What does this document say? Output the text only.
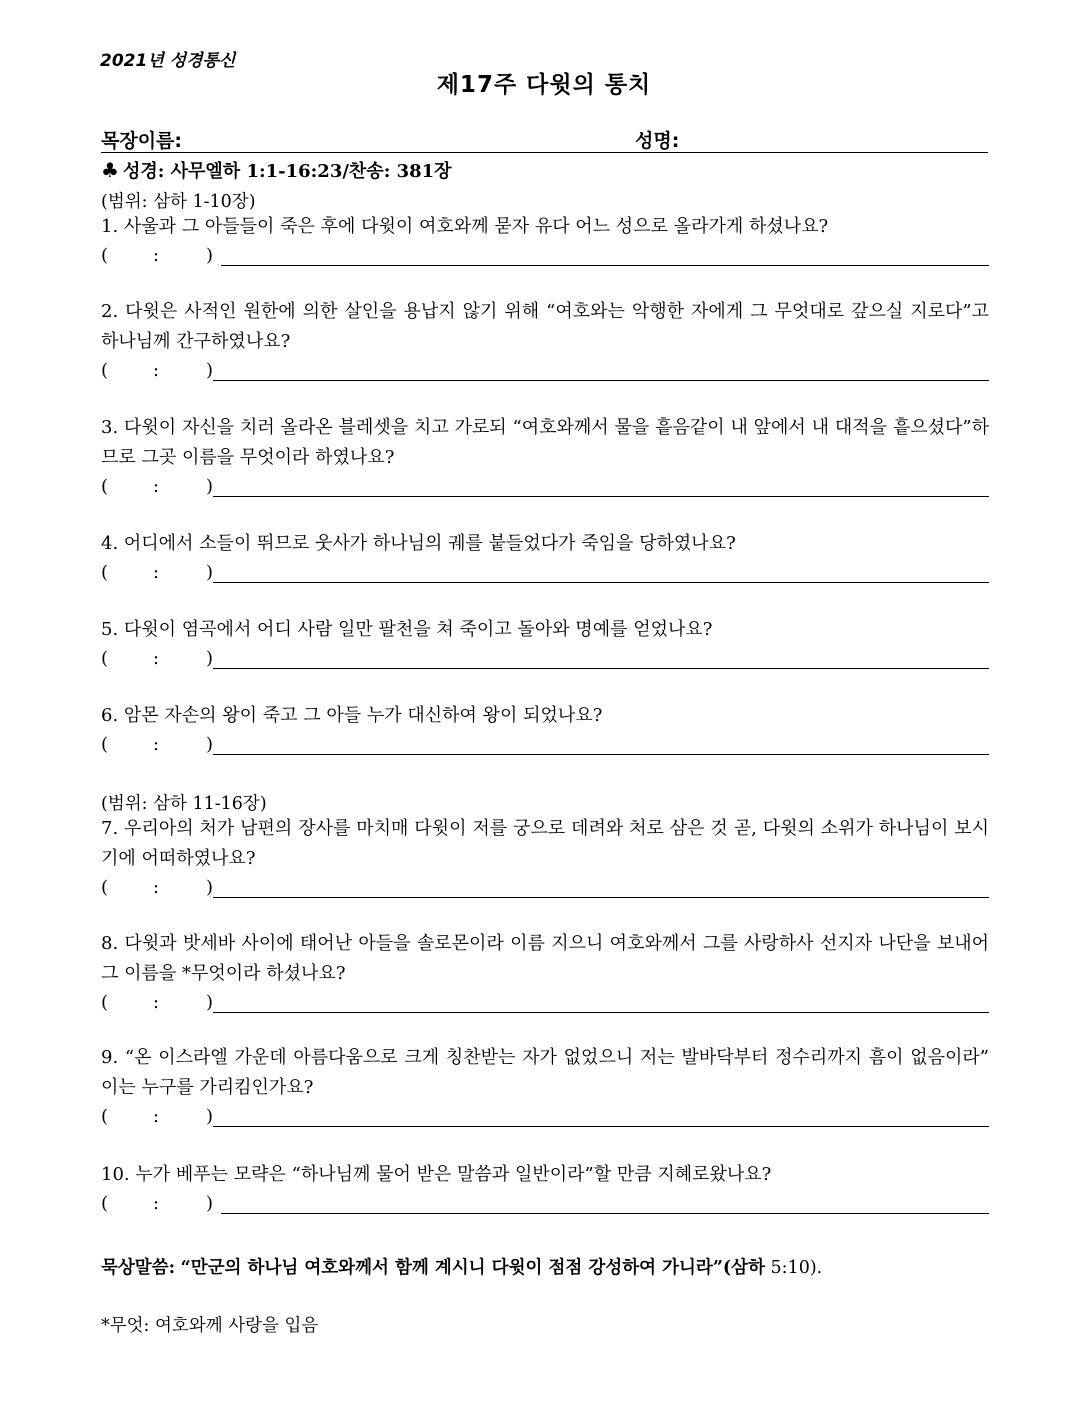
2021년 성경통신
제17주 다윗의 통치
목장이름:	성명:
♣ 성경: 사무엘하 1:1-16:23/찬송: 381장
(범위: 삼하 1-10장)
1. 사울과 그 아들들이 죽은 후에 다윗이 여호와께 묻자 유다 어느 성으로 올라가게 하셨나요?
( :	)
2. 다윗은 사적인 원한에 의한 살인을 용납지 않기 위해 “여호와는 악행한 자에게 그 무엇대로 갚으실 지로다”고 하나님께 간구하였나요?
( :	)
3. 다윗이 자신을 치러 올라온 블레셋을 치고 가로되 “여호와께서 물을 흩음같이 내 앞에서 내 대적을 흩으셨다”하므로 그곳 이름을 무엇이라 하였나요?
( :	)
4. 어디에서 소들이 뛰므로 웃사가 하나님의 궤를 붙들었다가 죽임을 당하였나요?
( :	)
5. 다윗이 염곡에서 어디 사람 일만 팔천을 쳐 죽이고 돌아와 명예를 얻었나요?
( :	)
6. 암몬 자손의 왕이 죽고 그 아들 누가 대신하여 왕이 되었나요?
( :	)
(범위: 삼하 11-16장)
7. 우리아의 처가 남편의 장사를 마치매 다윗이 저를 궁으로 데려와 처로 삼은 것 곧, 다윗의 소위가 하나님이 보시기에 어떠하였나요?
( :	)
8. 다윗과 밧세바 사이에 태어난 아들을 솔로몬이라 이름 지으니 여호와께서 그를 사랑하사 선지자 나단을 보내어 그 이름을 *무엇이라 하셨나요?
( :	)
9. “온 이스라엘 가운데 아름다움으로 크게 칭찬받는 자가 없었으니 저는 발바닥부터 정수리까지 흠이 없음이라” 이는 누구를 가리킴인가요?
( :	)
10. 누가 베푸는 모략은 “하나님께 물어 받은 말씀과 일반이라”할 만큼 지혜로왔나요?
( :	)
묵상말씀: “만군의 하나님 여호와께서 함께 계시니 다윗이 점점 강성하여 가니라”(삼하 5:10).
*무엇: 여호와께 사랑을 입음
